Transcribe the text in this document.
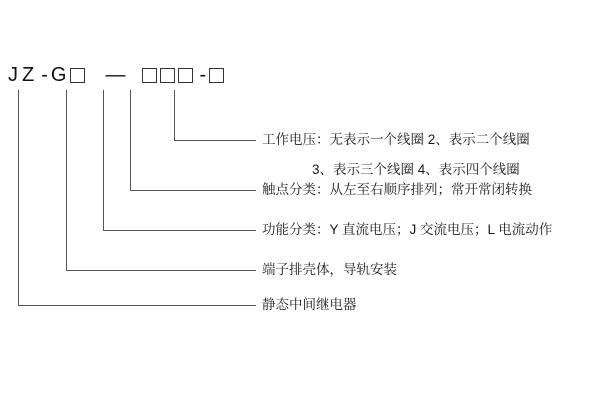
J Z - G —	-
工作电压：无表示一个线圈 2、表示二个线圈
3、表示三个线圈 4、表示四个线圈
触点分类：从左至右顺序排列；常开常闭转换
功能分类：Y 直流电压；J 交流电压；L 电流动作
端子排壳体，导轨安装
静态中间继电器
